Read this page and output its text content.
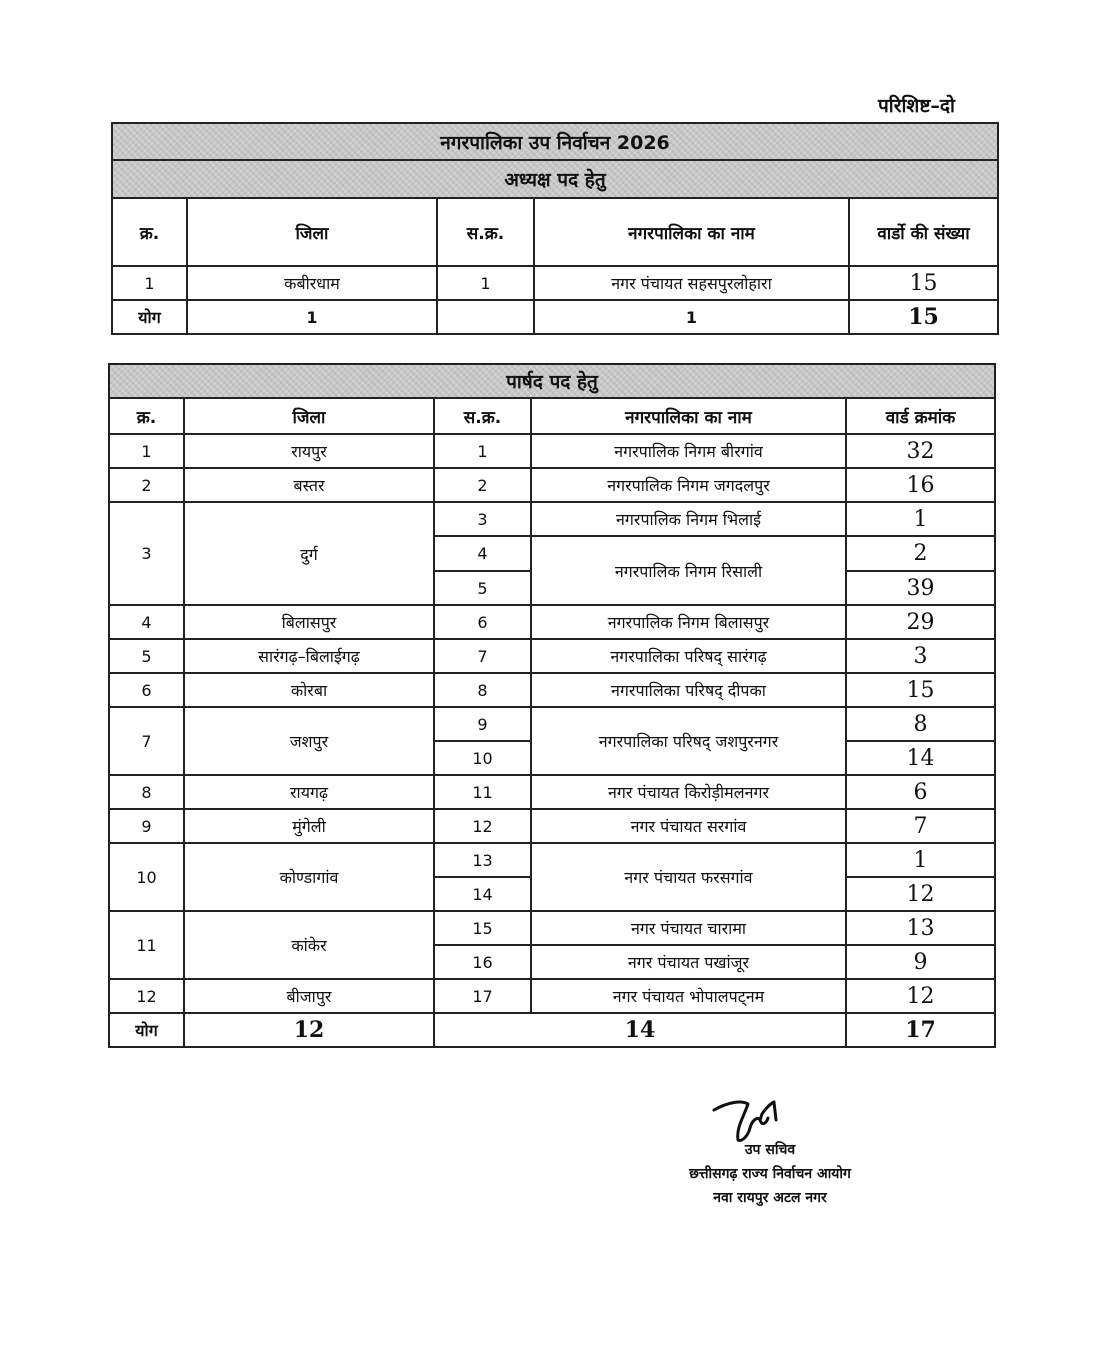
परिशिष्ट–दो
नगरपालिका उप निर्वाचन 2026				
अध्यक्ष पद हेतु				
क्र.	जिला	स.क्र.	नगरपालिका का नाम	वार्डो की संख्या
1	कबीरधाम	1	नगर पंचायत सहसपुरलोहारा	15
योग	1		1	15
पार्षद पद हेतु				
क्र.	जिला	स.क्र.	नगरपालिका का नाम	वार्ड क्रमांक
1	रायपुर	1	नगरपालिक निगम बीरगांव	32
2	बस्तर	2	नगरपालिक निगम जगदलपुर	16
3	दुर्ग	3	नगरपालिक निगम भिलाई	1
		4	नगरपालिक निगम रिसाली	2
		5		39
4	बिलासपुर	6	नगरपालिक निगम बिलासपुर	29
5	सारंगढ़–बिलाईगढ़	7	नगरपालिका परिषद् सारंगढ़	3
6	कोरबा	8	नगरपालिका परिषद् दीपका	15
7	जशपुर	9	नगरपालिका परिषद् जशपुरनगर	8
		10		14
8	रायगढ़	11	नगर पंचायत किरोड़ीमलनगर	6
9	मुंगेली	12	नगर पंचायत सरगांव	7
10	कोण्डागांव	13	नगर पंचायत फरसगांव	1
		14		12
11	कांकेर	15	नगर पंचायत चारामा	13
		16	नगर पंचायत पखांजूर	9
12	बीजापुर	17	नगर पंचायत भोपालपट्नम	12
योग	12	14		17
उप सचिव
छत्तीसगढ़ राज्य निर्वाचन आयोग
नवा रायपुर अटल नगर
